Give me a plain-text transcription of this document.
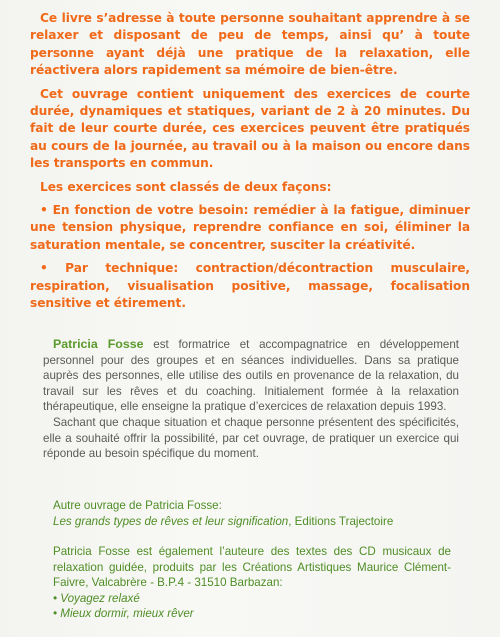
Ce livre s’adresse à toute personne souhaitant apprendre à se relaxer et disposant de peu de temps, ainsi qu’ à toute personne ayant déjà une pratique de la relaxation, elle réactivera alors rapidement sa mémoire de bien-être.

Cet ouvrage contient uniquement des exercices de courte durée, dynamiques et statiques, variant de 2 à 20 minutes. Du fait de leur courte durée, ces exercices peuvent être pratiqués au cours de la journée, au travail ou à la maison ou encore dans les transports en commun.

Les exercices sont classés de deux façons:

• En fonction de votre besoin: remédier à la fatigue, diminuer une tension physique, reprendre confiance en soi, éliminer la saturation mentale, se concentrer, susciter la créativité.

• Par technique: contraction/décontraction musculaire, respiration, visualisation positive, massage, focalisation sensitive et étirement.

Patricia Fosse est formatrice et accompagnatrice en développement personnel pour des groupes et en séances individuelles. Dans sa pratique auprès des personnes, elle utilise des outils en provenance de la relaxation, du travail sur les rêves et du coaching. Initialement formée à la relaxation thérapeutique, elle enseigne la pratique d’exercices de relaxation depuis 1993.

Sachant que chaque situation et chaque personne présentent des spécificités, elle a souhaité offrir la possibilité, par cet ouvrage, de pratiquer un exercice qui réponde au besoin spécifique du moment.

Autre ouvrage de Patricia Fosse:

Les grands types de rêves et leur signification, Editions Trajectoire

Patricia Fosse est également l’auteure des textes des CD musicaux de relaxation guidée, produits par les Créations Artistiques Maurice Clément-Faivre, Valcabrère - B.P.4 - 31510 Barbazan:

• Voyagez relaxé
• Mieux dormir, mieux rêver
